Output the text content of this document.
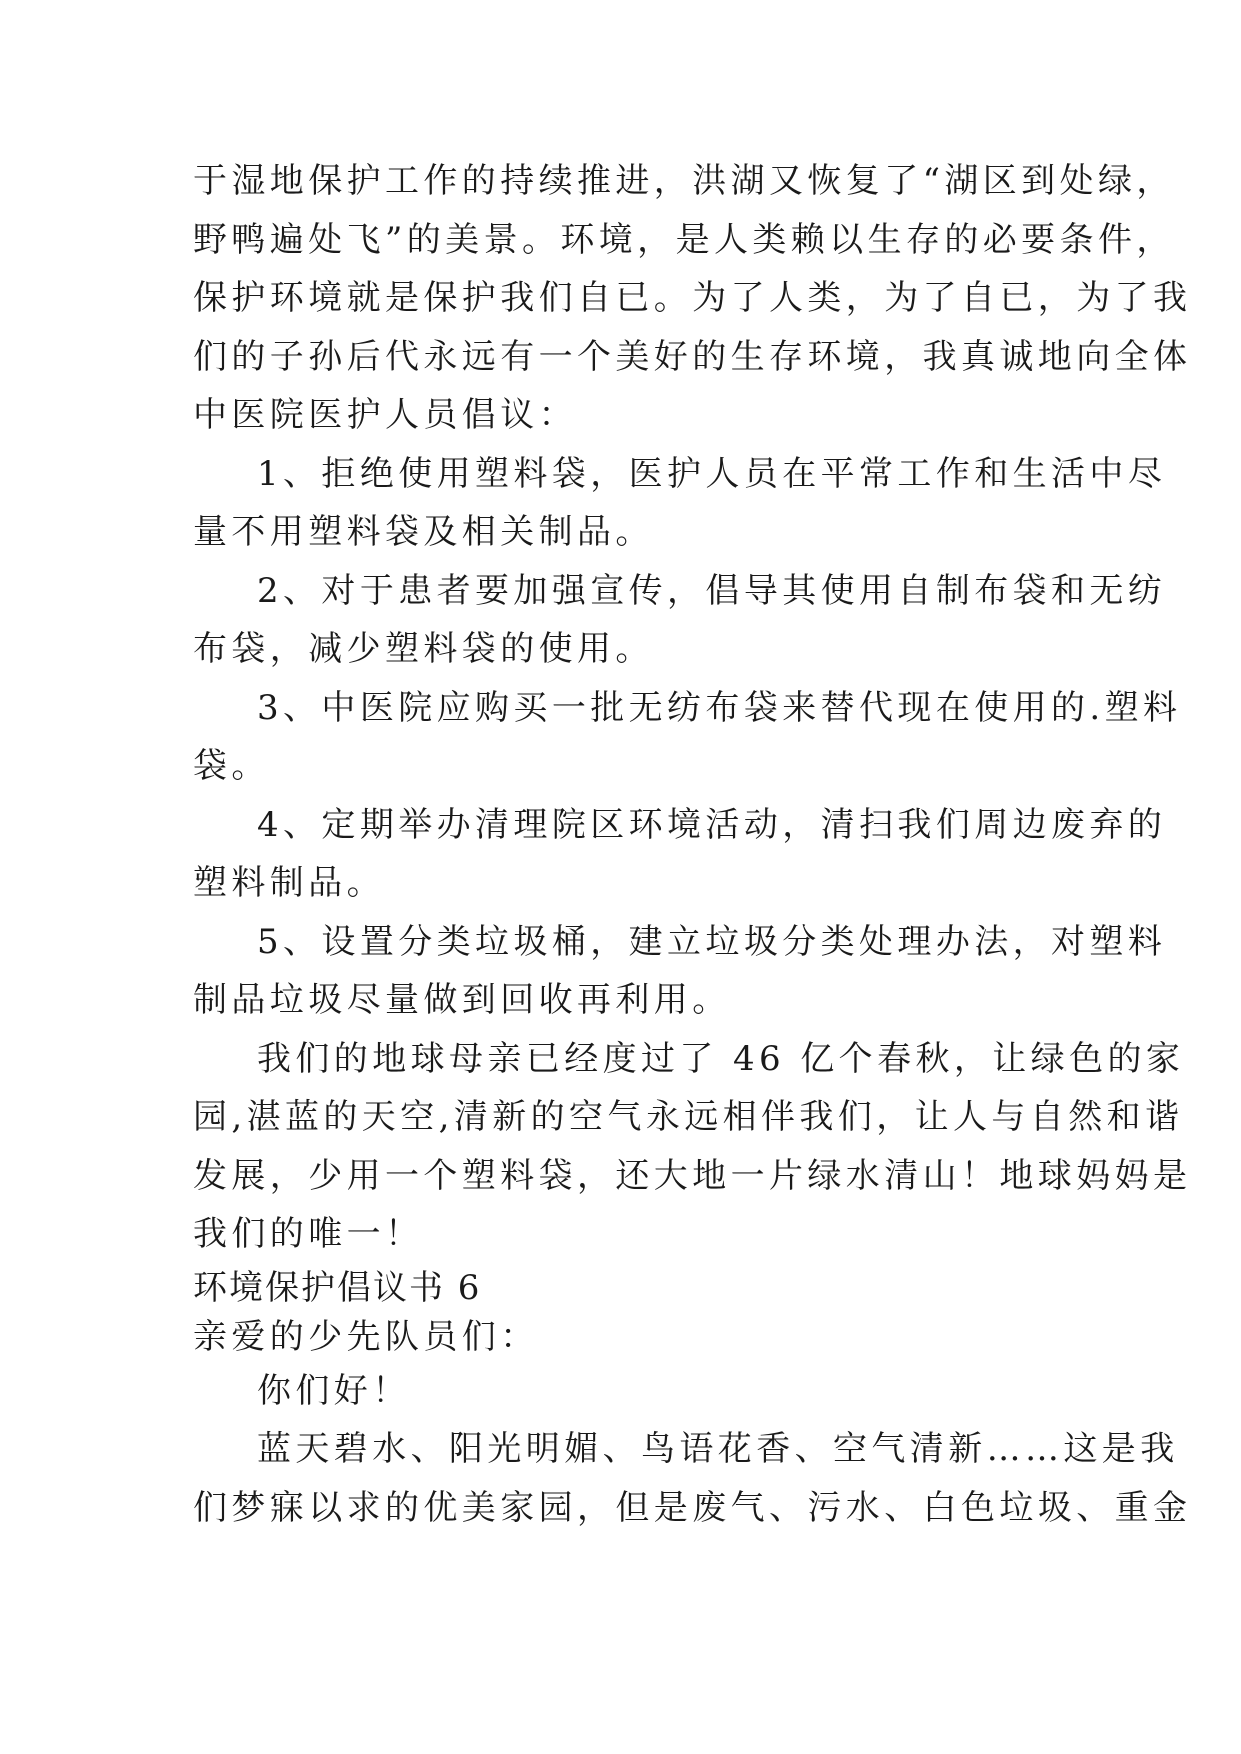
于湿地保护工作的持续推进，洪湖又恢复了“湖区到处绿，
野鸭遍处飞”的美景。环境，是人类赖以生存的必要条件，
保护环境就是保护我们自已。为了人类，为了自已，为了我
们的子孙后代永远有一个美好的生存环境，我真诚地向全体
中医院医护人员倡议：
1、拒绝使用塑料袋，医护人员在平常工作和生活中尽
量不用塑料袋及相关制品。
2、对于患者要加强宣传，倡导其使用自制布袋和无纺
布袋，减少塑料袋的使用。
3、中医院应购买一批无纺布袋来替代现在使用的.塑料
袋。
4、定期举办清理院区环境活动，清扫我们周边废弃的
塑料制品。
5、设置分类垃圾桶，建立垃圾分类处理办法，对塑料
制品垃圾尽量做到回收再利用。
我们的地球母亲已经度过了 46 亿个春秋，让绿色的家
园,湛蓝的天空,清新的空气永远相伴我们，让人与自然和谐
发展，少用一个塑料袋，还大地一片绿水清山！地球妈妈是
我们的唯一！
环境保护倡议书 6
亲爱的少先队员们：
你们好！
蓝天碧水、阳光明媚、鸟语花香、空气清新……这是我
们梦寐以求的优美家园，但是废气、污水、白色垃圾、重金
